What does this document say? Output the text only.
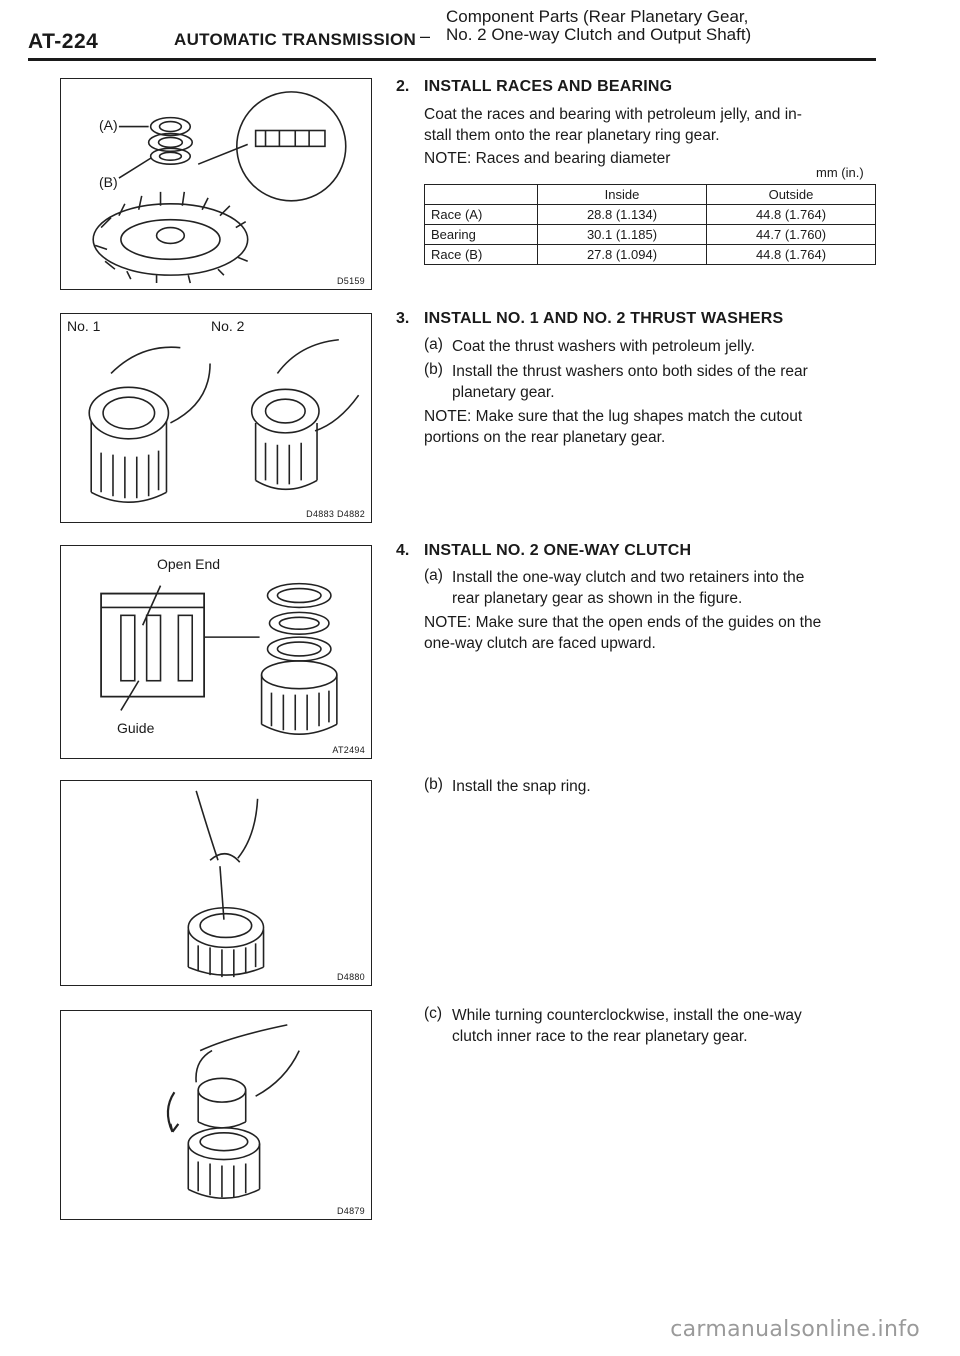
AT-224	AUTOMATIC TRANSMISSION –
Component Parts (Rear Planetary Gear,
No. 2 One-way Clutch and Output Shaft)
(A)
(B)
D5159
No. 1	No. 2
D4883 D4882
Open End
Guide
AT2494
D4880
D4879
2. INSTALL RACES AND BEARING
Coat the races and bearing with petroleum jelly, and in-
stall them onto the rear planetary ring gear.
NOTE: Races and bearing diameter
mm (in.)
	Inside	Outside
Race (A)	28.8 (1.134)	44.8 (1.764)
Bearing	30.1 (1.185)	44.7 (1.760)
Race (B)	27.8 (1.094)	44.8 (1.764)
3. INSTALL NO. 1 AND NO. 2 THRUST WASHERS
(a) Coat the thrust washers with petroleum jelly.
(b) Install the thrust washers onto both sides of the rear
planetary gear.
NOTE: Make sure that the lug shapes match the cutout
portions on the rear planetary gear.
4. INSTALL NO. 2 ONE-WAY CLUTCH
(a) Install the one-way clutch and two retainers into the
rear planetary gear as shown in the figure.
NOTE: Make sure that the open ends of the guides on the
one-way clutch are faced upward.
(b) Install the snap ring.
(c) While turning counterclockwise, install the one-way
clutch inner race to the rear planetary gear.
carmanualsonline.info
